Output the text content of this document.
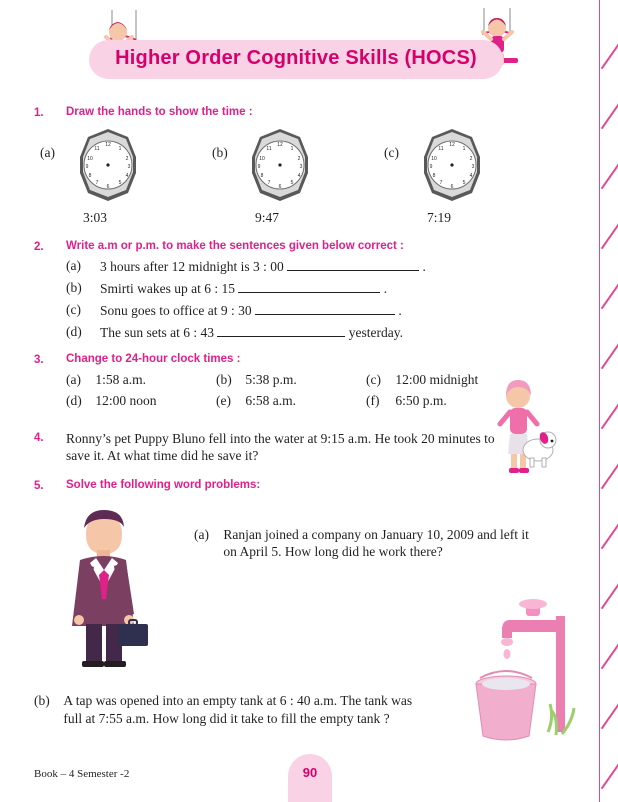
Higher Order Cognitive Skills (HOCS)
1.	Draw the hands to show the time :
(a)	12
1
2
3
4
5
6
7
8
9
10
11
3:03
(b)	12
1
2
3
4
5
6
7
8
9
10
11
9:47
(c)	12
1
2
3
4
5
6
7
8
9
10
11
7:19
2.	Write a.m or p.m. to make the sentences given below correct :
(a)	3 hours after 12 midnight is 3 : 00	.
(b)	Smirti wakes up at 6 : 15	.
(c)	Sonu goes to office at 9 : 30	.
(d)	The sun sets at 6 : 43	yesterday.
3.	Change to 24-hour clock times :
(a) 1:58 a.m.	(b) 5:38 p.m.	(c) 12:00 midnight
(d) 12:00 noon	(e) 6:58 a.m.	(f) 6:50 p.m.
4.	Ronny’s pet Puppy Bluno fell into the water at 9:15 a.m. He took 20 minutes to save it. At what time did he save it?
5.	Solve the following word problems:
(a) Ranjan joined a company on January 10, 2009 and left it on April 5. How long did he work there?
(b) A tap was opened into an empty tank at 6 : 40 a.m. The tank was full at 7:55 a.m. How long did it take to fill the empty tank ?
Book – 4 Semester -2	90
